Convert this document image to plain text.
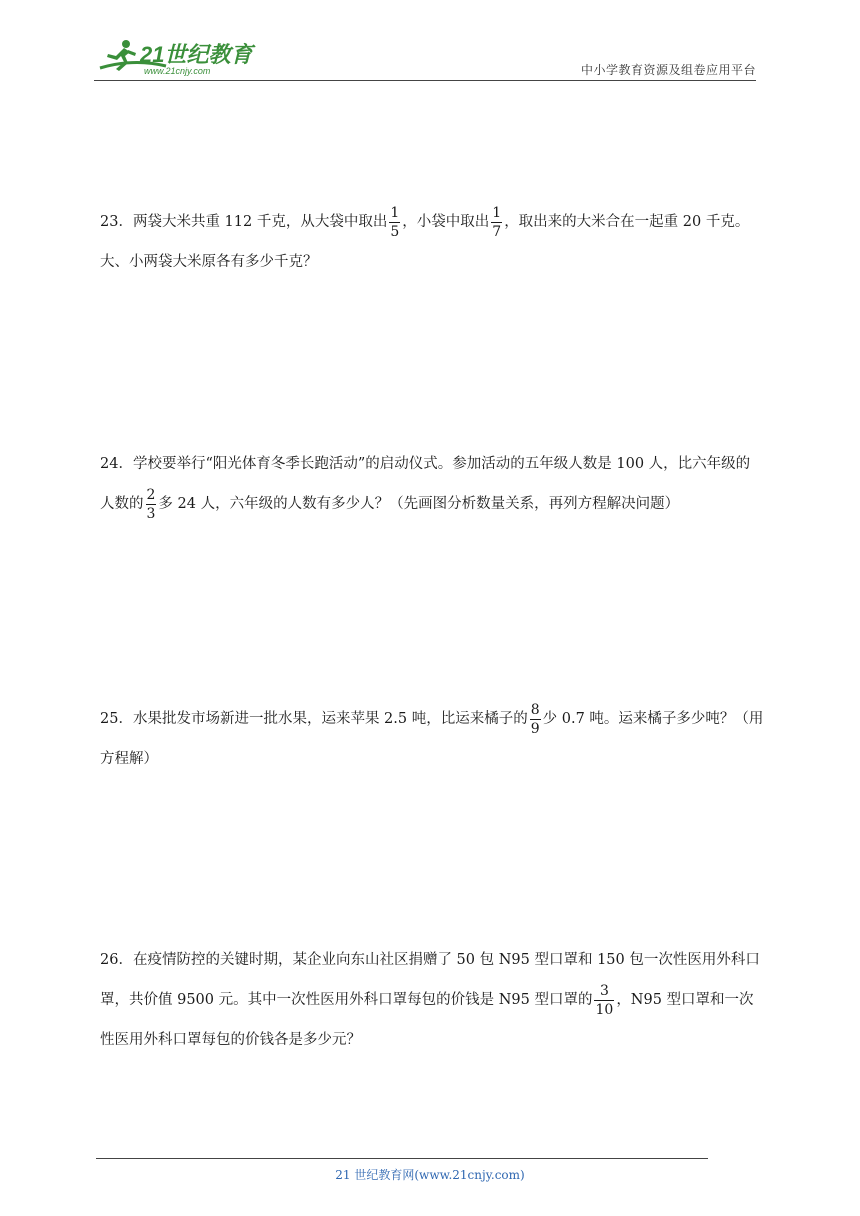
21世纪教育
www.21cnjy.com	中小学教育资源及组卷应用平台
23．两袋大米共重 112 千克，从大袋中取出 $\frac{1}{5}$ ，小袋中取出 $\frac{1}{7}$ ，取出来的大米合在一起重 20 千克。大、小两袋大米原各有多少千克？
24．学校要举行“阳光体育冬季长跑活动”的启动仪式。参加活动的五年级人数是 100 人，比六年级的人数的 $\frac{2}{3}$ 多 24 人，六年级的人数有多少人？（先画图分析数量关系，再列方程解决问题）
25．水果批发市场新进一批水果，运来苹果 2.5 吨，比运来橘子的 $\frac{8}{9}$ 少 0.7 吨。运来橘子多少吨？（用方程解）
26．在疫情防控的关键时期，某企业向东山社区捐赠了 50 包 N95 型口罩和 150 包一次性医用外科口罩，共价值 9500 元。其中一次性医用外科口罩每包的价钱是 N95 型口罩的 $\frac{3}{10}$ ，N95 型口罩和一次性医用外科口罩每包的价钱各是多少元？
21 世纪教育网(www.21cnjy.com)
